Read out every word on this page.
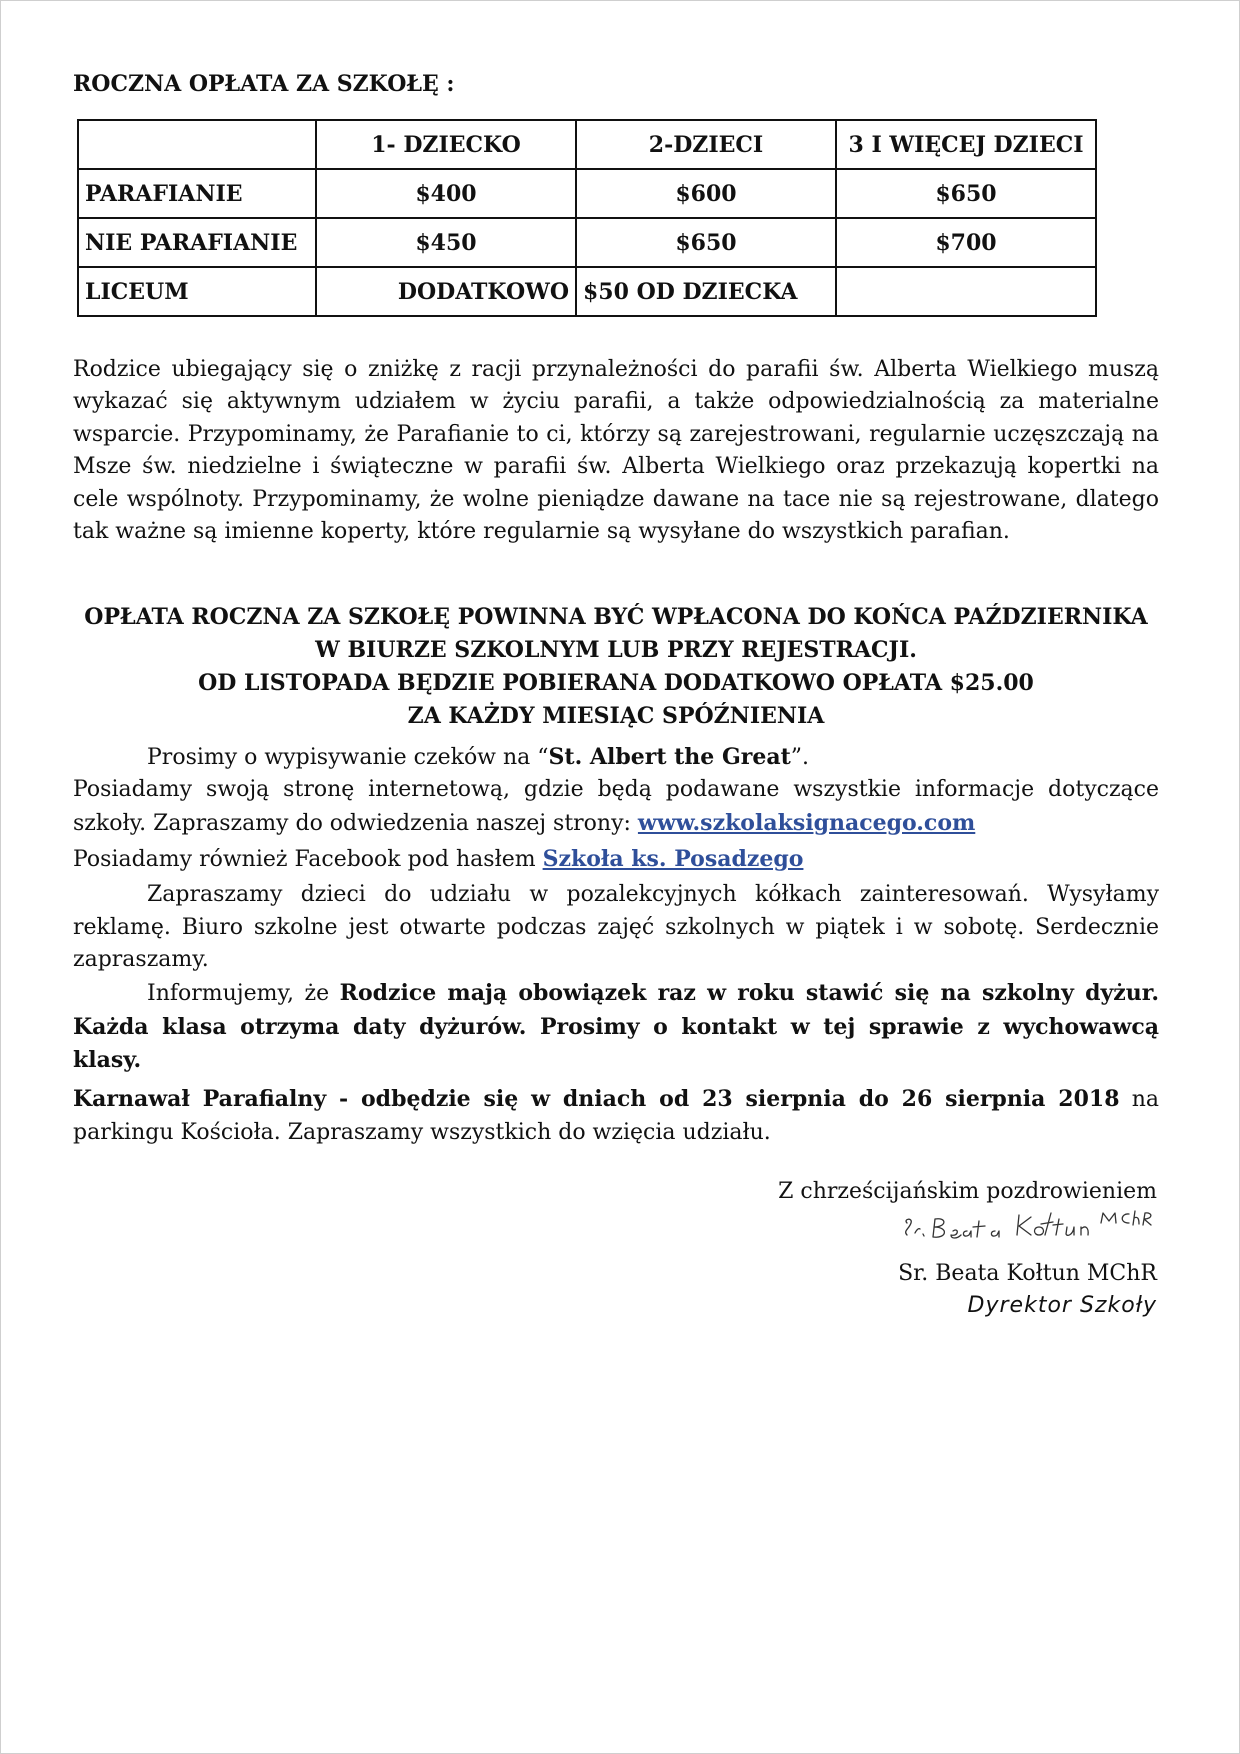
ROCZNA OPŁATA ZA SZKOŁĘ :
	1- DZIECKO	2-DZIECI	3 I WIĘCEJ DZIECI
PARAFIANIE	$400	$600	$650
NIE PARAFIANIE	$450	$650	$700
LICEUM	DODATKOWO	$50 OD DZIECKA	
Rodzice ubiegający się o zniżkę z racji przynależności do parafii św. Alberta Wielkiego muszą wykazać się aktywnym udziałem w życiu parafii, a także odpowiedzialnością za materialne wsparcie. Przypominamy, że Parafianie to ci, którzy są zarejestrowani, regularnie uczęszczają na Msze św. niedzielne i świąteczne w parafii św. Alberta Wielkiego oraz przekazują kopertki na cele wspólnoty. Przypominamy, że wolne pieniądze dawane na tace nie są rejestrowane, dlatego tak ważne są imienne koperty, które regularnie są wysyłane do wszystkich parafian.
OPŁATA ROCZNA ZA SZKOŁĘ POWINNA BYĆ WPŁACONA DO KOŃCA PAŹDZIERNIKA
W BIURZE SZKOLNYM LUB PRZY REJESTRACJI.
OD LISTOPADA BĘDZIE POBIERANA DODATKOWO OPŁATA $25.00
ZA KAŻDY MIESIĄC SPÓŹNIENIA
Prosimy o wypisywanie czeków na “St. Albert the Great”.
Posiadamy swoją stronę internetową, gdzie będą podawane wszystkie informacje dotyczące szkoły. Zapraszamy do odwiedzenia naszej strony: www.szkolaksignacego.com
Posiadamy również Facebook pod hasłem Szkoła ks. Posadzego
Zapraszamy dzieci do udziału w pozalekcyjnych kółkach zainteresowań. Wysyłamy reklamę. Biuro szkolne jest otwarte podczas zajęć szkolnych w piątek i w sobotę. Serdecznie zapraszamy.
Informujemy, że Rodzice mają obowiązek raz w roku stawić się na szkolny dyżur. Każda klasa otrzyma daty dyżurów. Prosimy o kontakt w tej sprawie z wychowawcą klasy.
Karnawał Parafialny - odbędzie się w dniach od 23 sierpnia do 26 sierpnia 2018 na parkingu Kościoła. Zapraszamy wszystkich do wzięcia udziału.
Z chrześcijańskim pozdrowieniem
Sr. Beata Kołtun MChR
Dyrektor Szkoły
